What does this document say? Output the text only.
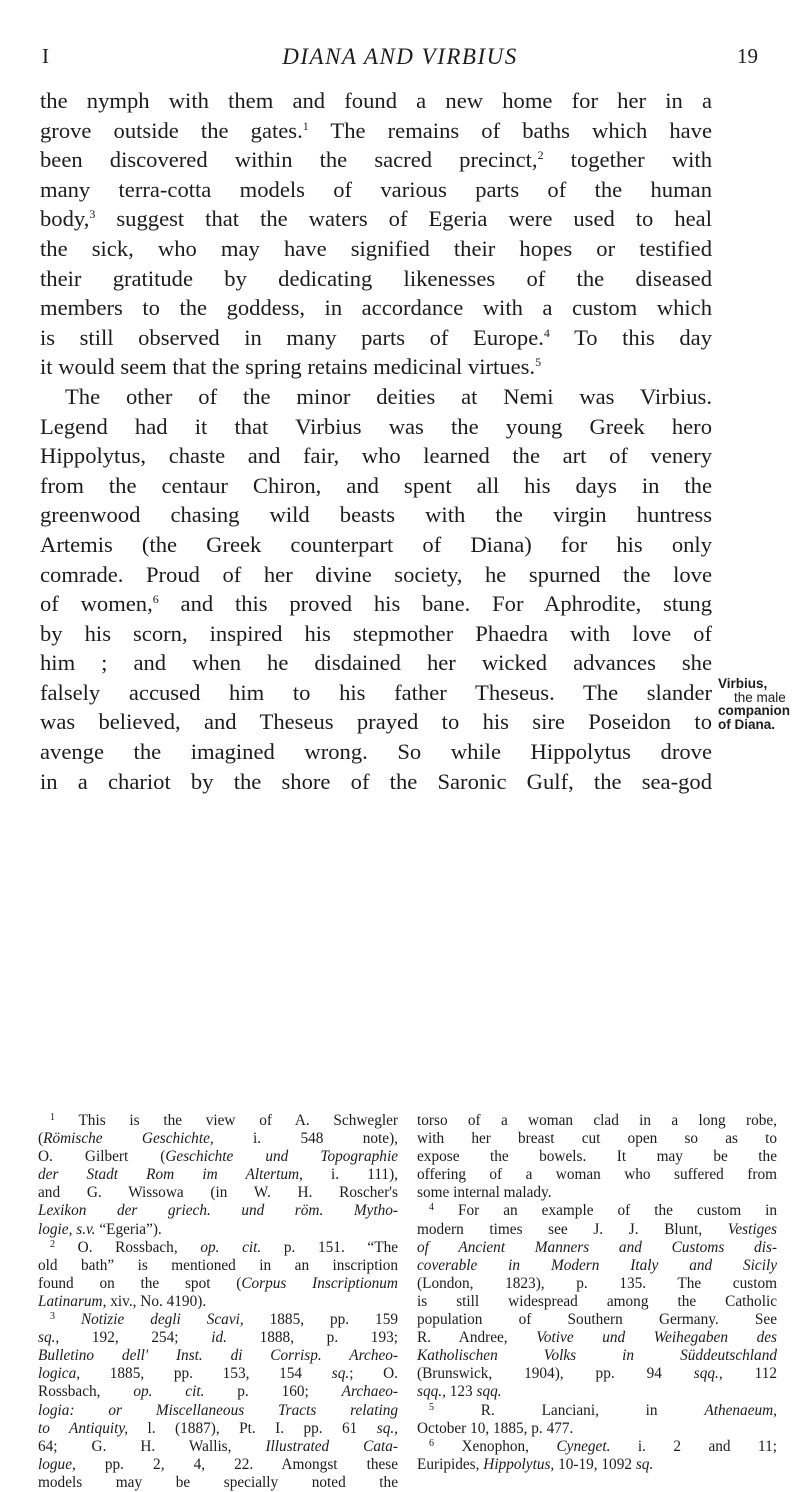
I	DIANA AND VIRBIUS	19
the nymph with them and found a new home for her in a
grove outside the gates.$^1$ The remains of baths which have
been discovered within the sacred precinct,$^2$ together with
many terra-cotta models of various parts of the human
body,$^3$ suggest that the waters of Egeria were used to heal
the sick, who may have signified their hopes or testified
their gratitude by dedicating likenesses of the diseased
members to the goddess, in accordance with a custom which
is still observed in many parts of Europe.$^4$ To this day
it would seem that the spring retains medicinal virtues.$^5$
The other of the minor deities at Nemi was Virbius.
Legend had it that Virbius was the young Greek hero
Hippolytus, chaste and fair, who learned the art of venery
from the centaur Chiron, and spent all his days in the
greenwood chasing wild beasts with the virgin huntress
Artemis (the Greek counterpart of Diana) for his only
comrade. Proud of her divine society, he spurned the love
of women,$^6$ and this proved his bane. For Aphrodite, stung
by his scorn, inspired his stepmother Phaedra with love of
him ; and when he disdained her wicked advances she
falsely accused him to his father Theseus. The slander
was believed, and Theseus prayed to his sire Poseidon to
avenge the imagined wrong. So while Hippolytus drove
in a chariot by the shore of the Saronic Gulf, the sea-god
Virbius,
the male
companion
of Diana.
$^1$ This is the view of A. Schwegler
(Römische Geschichte, i. 548 note),
O. Gilbert (Geschichte und Topographie
der Stadt Rom im Altertum, i. 111),
and G. Wissowa (in W. H. Roscher's
Lexikon der griech. und röm. Mytho-
logie, s.v. “Egeria”).
$^2$ O. Rossbach, op. cit. p. 151. “The
old bath” is mentioned in an inscription
found on the spot (Corpus Inscriptionum
Latinarum, xiv., No. 4190).
$^3$ Notizie degli Scavi, 1885, pp. 159
sq., 192, 254; id. 1888, p. 193;
Bulletino dell' Inst. di Corrisp. Archeo-
logica, 1885, pp. 153, 154 sq.; O.
Rossbach, op. cit. p. 160; Archaeo-
logia: or Miscellaneous Tracts relating
to Antiquity, l. (1887), Pt. I. pp. 61 sq.,
64; G. H. Wallis, Illustrated Cata-
logue, pp. 2, 4, 22. Amongst these
models may be specially noted the
torso of a woman clad in a long robe,
with her breast cut open so as to
expose the bowels. It may be the
offering of a woman who suffered from
some internal malady.
$^4$ For an example of the custom in
modern times see J. J. Blunt, Vestiges
of Ancient Manners and Customs dis-
coverable in Modern Italy and Sicily
(London, 1823), p. 135. The custom
is still widespread among the Catholic
population of Southern Germany. See
R. Andree, Votive und Weihegaben des
Katholischen Volks in Süddeutschland
(Brunswick, 1904), pp. 94 sqq., 112
sqq., 123 sqq.
$^5$ R. Lanciani, in Athenaeum,
October 10, 1885, p. 477.
$^6$ Xenophon, Cyneget. i. 2 and 11;
Euripides, Hippolytus, 10-19, 1092 sq.
